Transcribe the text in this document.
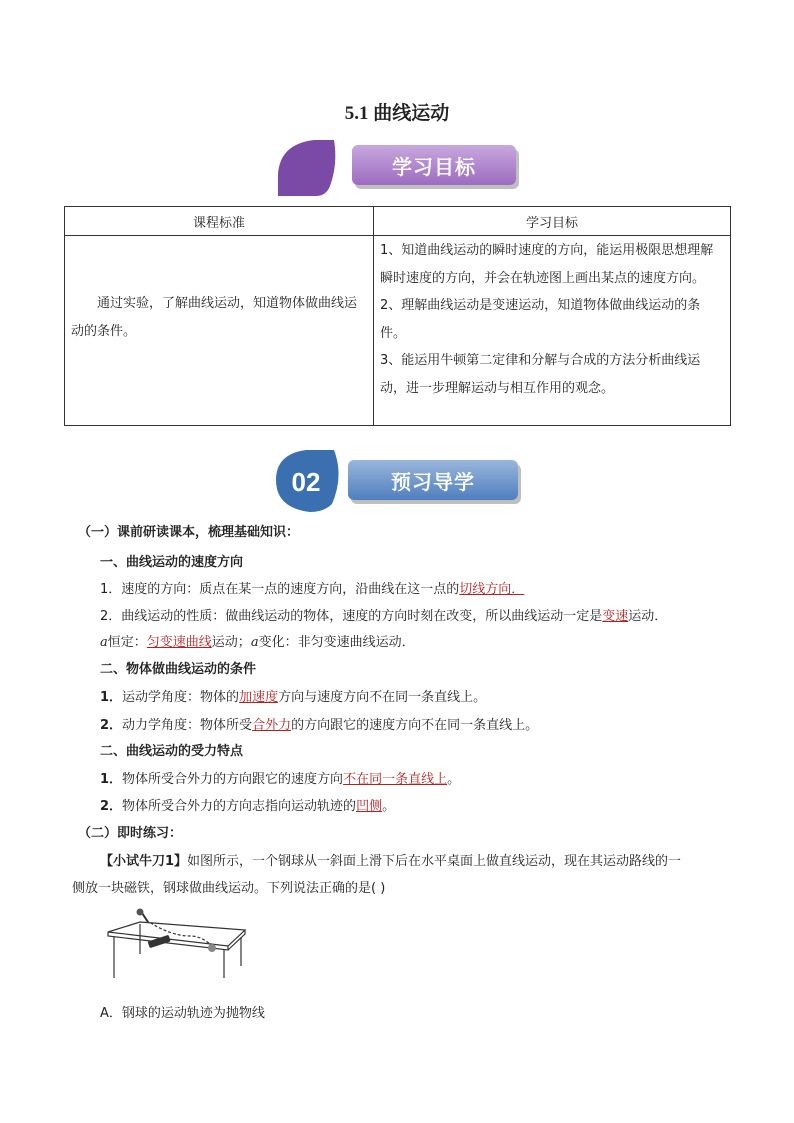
5.1 曲线运动
学习目标
课程标准	学习目标

通过实验，了解曲线运动，知道物体做曲线运动的条件。	1、知道曲线运动的瞬时速度的方向，能运用极限思想理解瞬时速度的方向，并会在轨迹图上画出某点的速度方向。
2、理解曲线运动是变速运动，知道物体做曲线运动的条件。
3、能运用牛顿第二定律和分解与合成的方法分析曲线运动，进一步理解运动与相互作用的观念。
02	预习导学
（一）课前研读课本，梳理基础知识：
一、曲线运动的速度方向
1．速度的方向：质点在某一点的速度方向，沿曲线在这一点的切线方向．
2．曲线运动的性质：做曲线运动的物体，速度的方向时刻在改变，所以曲线运动一定是变速运动．
a恒定：匀变速曲线运动；a变化：非匀变速曲线运动．
二、物体做曲线运动的条件
1．运动学角度：物体的加速度方向与速度方向不在同一条直线上。
2．动力学角度：物体所受合外力的方向跟它的速度方向不在同一条直线上。
二、曲线运动的受力特点
1．物体所受合外力的方向跟它的速度方向不在同一条直线上。
2．物体所受合外力的方向志指向运动轨迹的凹侧。
（二）即时练习：
【小试牛刀1】如图所示，一个钢球从一斜面上滑下后在水平桌面上做直线运动，现在其运动路线的一
侧放一块磁铁，钢球做曲线运动。下列说法正确的是( )
A．钢球的运动轨迹为抛物线
